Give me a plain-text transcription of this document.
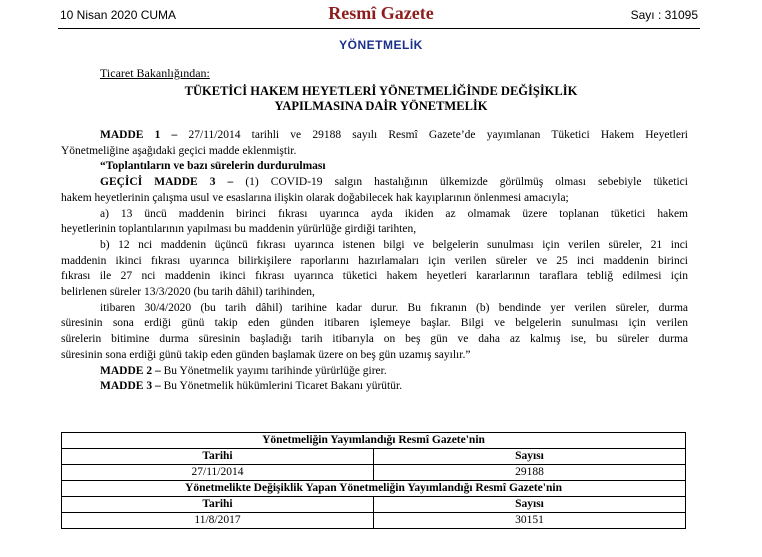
Resmî Gazete
10 Nisan 2020 CUMA	Sayı : 31095
YÖNETMELİK
Ticaret Bakanlığından:
TÜKETİCİ HAKEM HEYETLERİ YÖNETMELİĞİNDE DEĞİŞİKLİK
YAPILMASINA DAİR YÖNETMELİK

MADDE 1 – 27/11/2014 tarihli ve 29188 sayılı Resmî Gazete’de yayımlanan Tüketici Hakem Heyetleri

Yönetmeliğine aşağıdaki geçici madde eklenmiştir.

“Toplantıların ve bazı sürelerin durdurulması

GEÇİCİ MADDE 3 – (1) COVID-19 salgın hastalığının ülkemizde görülmüş olması sebebiyle tüketici

hakem heyetlerinin çalışma usul ve esaslarına ilişkin olarak doğabilecek hak kayıplarının önlenmesi amacıyla;

a) 13 üncü maddenin birinci fıkrası uyarınca ayda ikiden az olmamak üzere toplanan tüketici hakem

heyetlerinin toplantılarının yapılması bu maddenin yürürlüğe girdiği tarihten,

b) 12 nci maddenin üçüncü fıkrası uyarınca istenen bilgi ve belgelerin sunulması için verilen süreler, 21 inci

maddenin ikinci fıkrası uyarınca bilirkişilere raporlarını hazırlamaları için verilen süreler ve 25 inci maddenin birinci

fıkrası ile 27 nci maddenin ikinci fıkrası uyarınca tüketici hakem heyetleri kararlarının taraflara tebliğ edilmesi için

belirlenen süreler 13/3/2020 (bu tarih dâhil) tarihinden,

itibaren 30/4/2020 (bu tarih dâhil) tarihine kadar durur. Bu fıkranın (b) bendinde yer verilen süreler, durma

süresinin sona erdiği günü takip eden günden itibaren işlemeye başlar. Bilgi ve belgelerin sunulması için verilen

sürelerin bitimine durma süresinin başladığı tarih itibarıyla on beş gün ve daha az kalmış ise, bu süreler durma

süresinin sona erdiği günü takip eden günden başlamak üzere on beş gün uzamış sayılır.”

MADDE 2 – Bu Yönetmelik yayımı tarihinde yürürlüğe girer.

MADDE 3 – Bu Yönetmelik hükümlerini Ticaret Bakanı yürütür.

Yönetmeliğin Yayımlandığı Resmî Gazete'nin	
Tarihi	Sayısı
27/11/2014	29188
Yönetmelikte Değişiklik Yapan Yönetmeliğin Yayımlandığı Resmî Gazete'nin	
Tarihi	Sayısı
11/8/2017	30151
